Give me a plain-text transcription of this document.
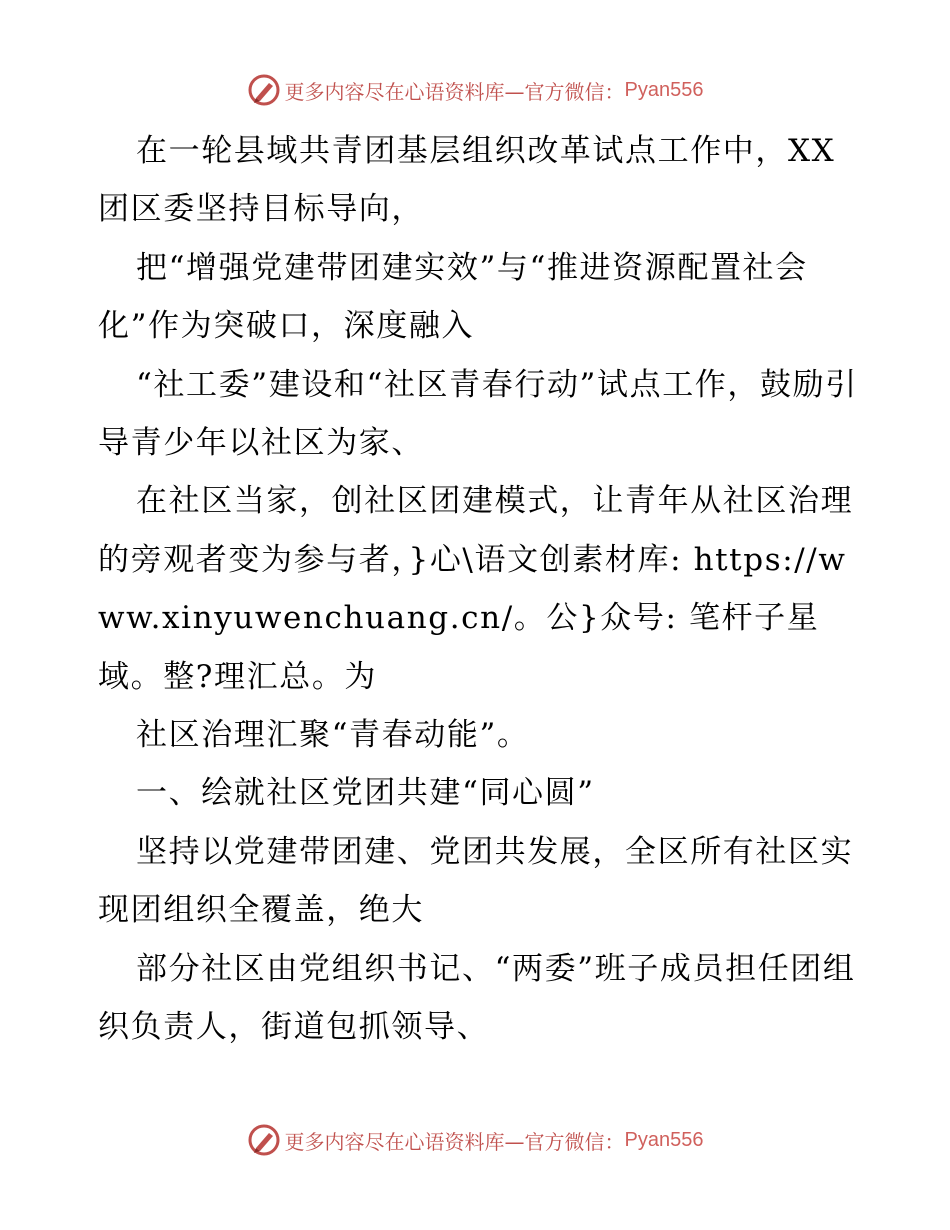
更多内容尽在心语资料库—官方微信： Pyan556

在一轮县域共青团基层组织改革试点工作中，XX团区委坚持目标导向，

把“增强党建带团建实效”与“推进资源配置社会化”作为突破口，深度融入

“社工委”建设和“社区青春行动”试点工作，鼓励引导青少年以社区为家、

在社区当家，创社区团建模式，让青年从社区治理的旁观者变为参与者，}心\语文创素材库: https://www.xinyuwenchuang.cn/。公}众号: 笔杆子星域。整?理汇总。为

社区治理汇聚“青春动能”。

一、绘就社区党团共建“同心圆”

坚持以党建带团建、党团共发展，全区所有社区实现团组织全覆盖，绝大

部分社区由党组织书记、“两委”班子成员担任团组织负责人，街道包抓领导、

更多内容尽在心语资料库—官方微信： Pyan556
